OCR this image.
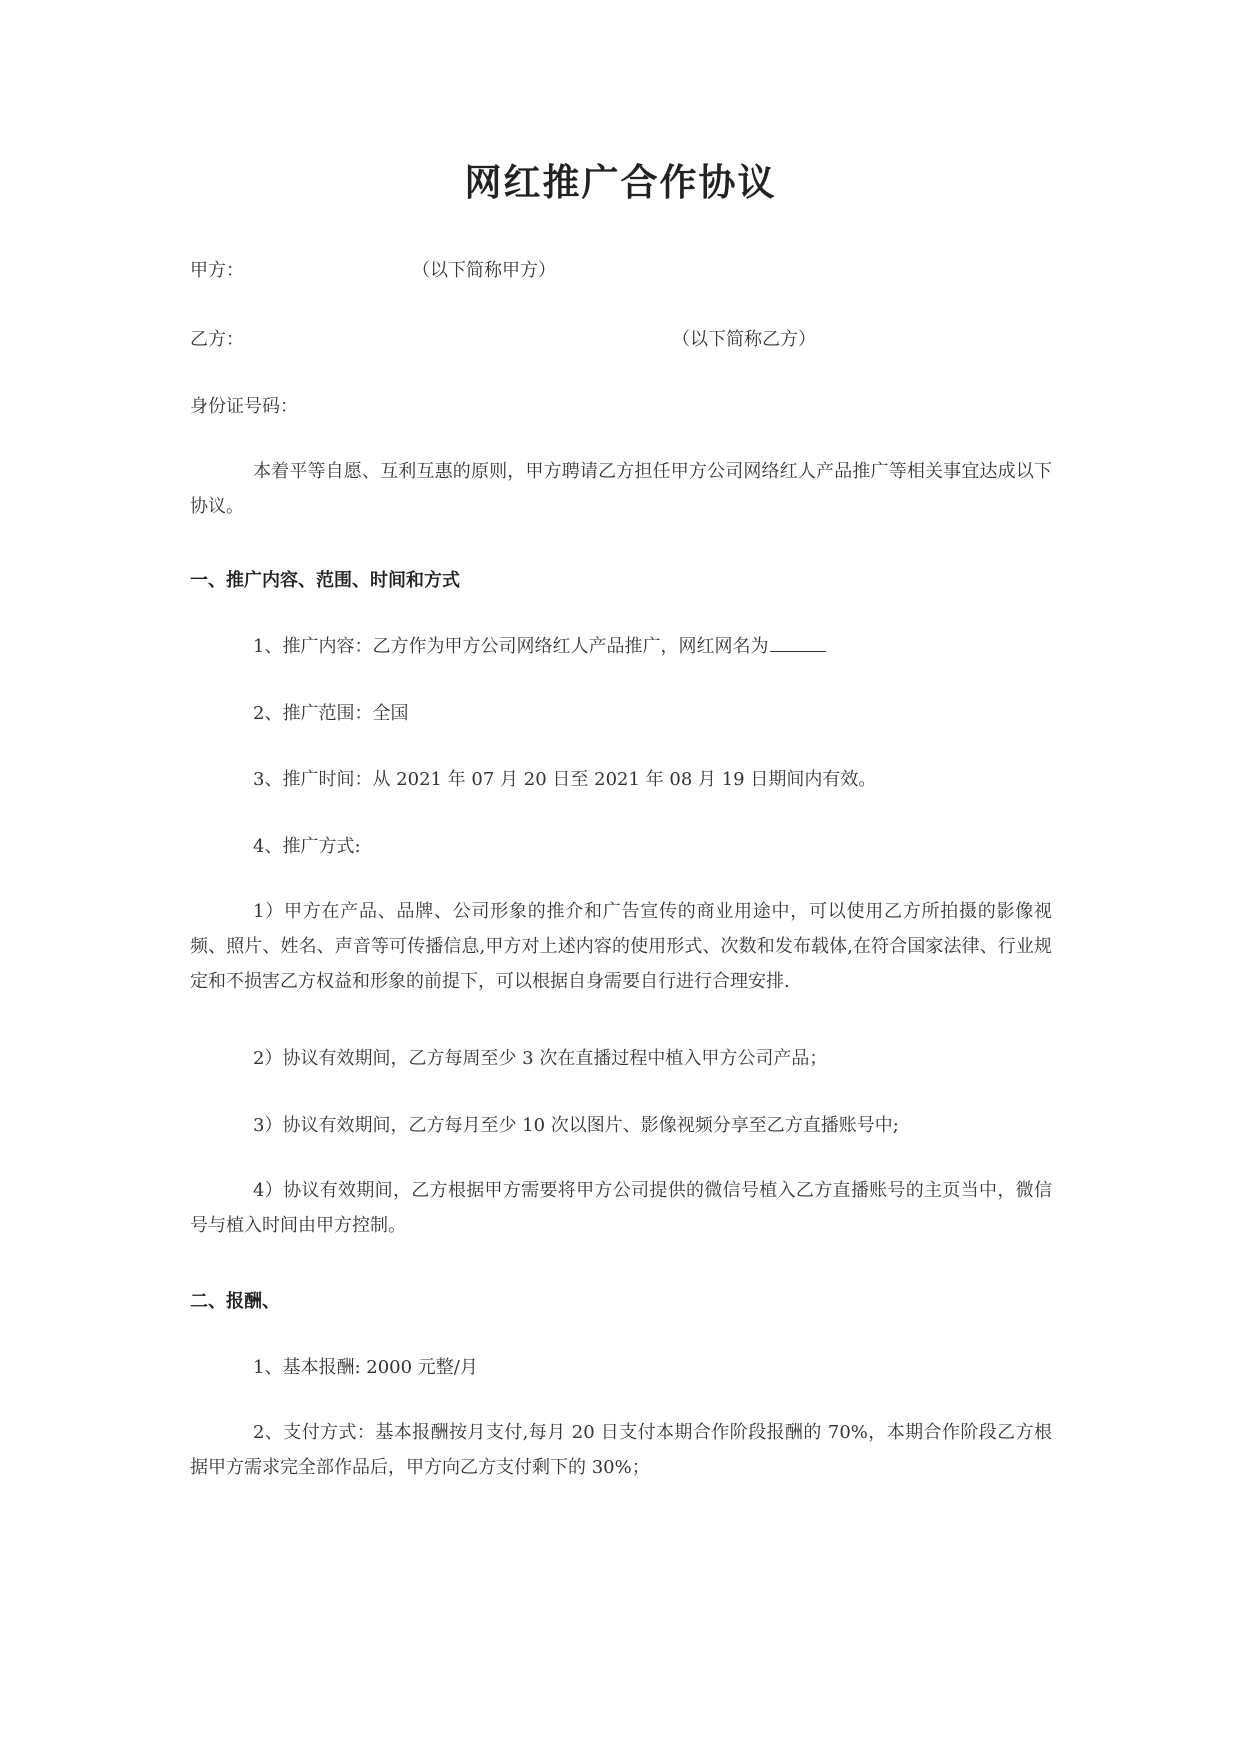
网红推广合作协议
甲方：	（以下简称甲方）
乙方：	（以下简称乙方）
身份证号码：
本着平等自愿、互利互惠的原则，甲方聘请乙方担任甲方公司网络红人产品推广等相关事宜达成以下协议。
一、推广内容、范围、时间和方式
1、推广内容：乙方作为甲方公司网络红人产品推广，网红网名为
2、推广范围：全国
3、推广时间：从 2021 年 07 月 20 日至 2021 年 08 月 19 日期间内有效。
4、推广方式:
1）甲方在产品、品牌、公司形象的推介和广告宣传的商业用途中，可以使用乙方所拍摄的影像视频、照片、姓名、声音等可传播信息,甲方对上述内容的使用形式、次数和发布载体,在符合国家法律、行业规定和不损害乙方权益和形象的前提下，可以根据自身需要自行进行合理安排.
2）协议有效期间，乙方每周至少 3 次在直播过程中植入甲方公司产品；
3）协议有效期间，乙方每月至少 10 次以图片、影像视频分享至乙方直播账号中;
4）协议有效期间，乙方根据甲方需要将甲方公司提供的微信号植入乙方直播账号的主页当中，微信号与植入时间由甲方控制。
二、报酬、
1、基本报酬: 2000 元整/月
2、支付方式：基本报酬按月支付,每月 20 日支付本期合作阶段报酬的 70%，本期合作阶段乙方根据甲方需求完全部作品后，甲方向乙方支付剩下的 30%；
